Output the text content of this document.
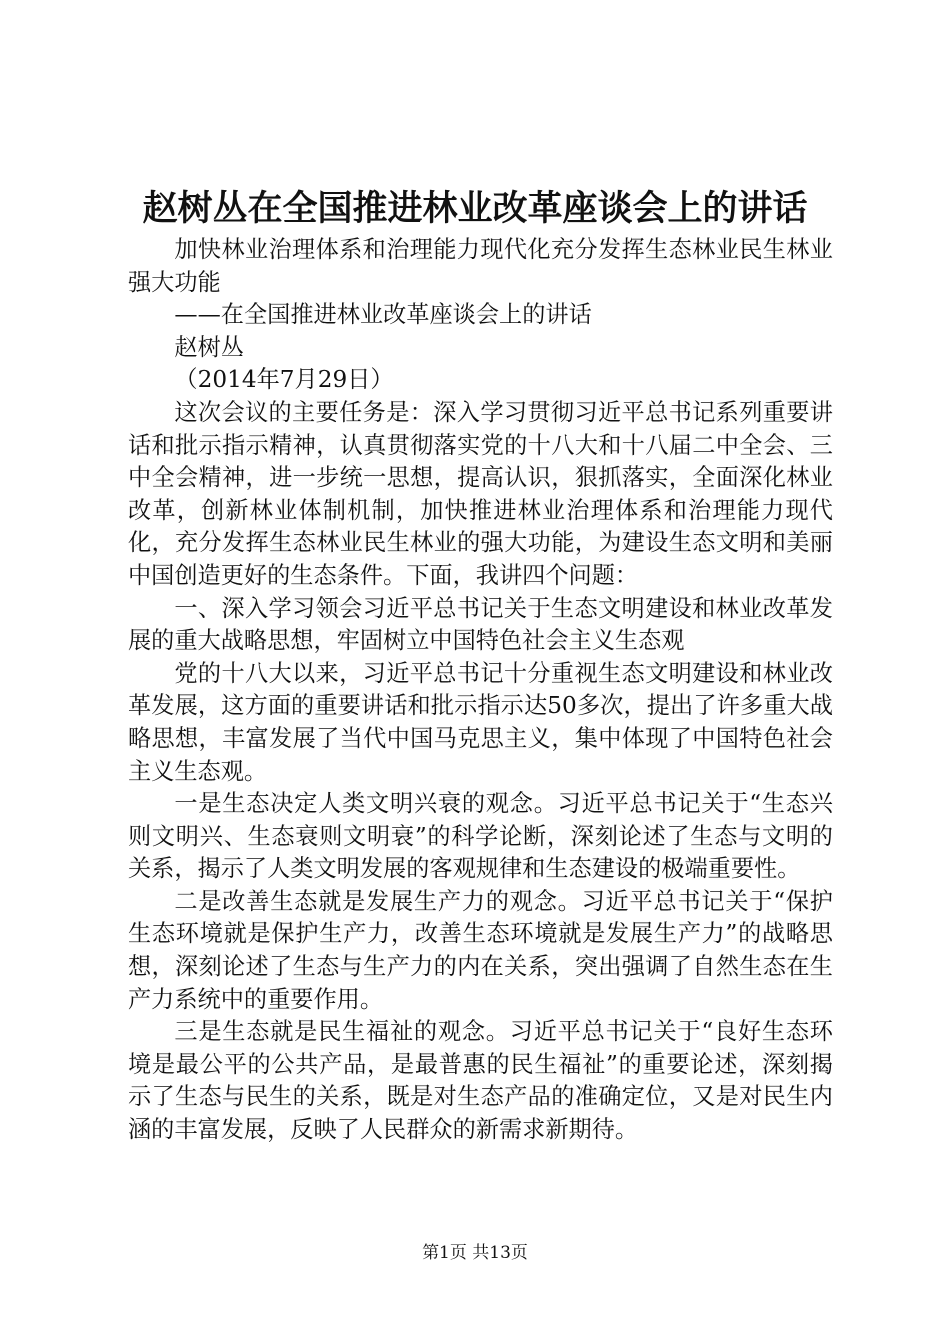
赵树丛在全国推进林业改革座谈会上的讲话

加快林业治理体系和治理能力现代化充分发挥生态林业民生林业强大功能

——在全国推进林业改革座谈会上的讲话

赵树丛

（2014年7月29日）

这次会议的主要任务是：深入学习贯彻习近平总书记系列重要讲话和批示指示精神，认真贯彻落实党的十八大和十八届二中全会、三中全会精神，进一步统一思想，提高认识，狠抓落实，全面深化林业改革，创新林业体制机制，加快推进林业治理体系和治理能力现代化，充分发挥生态林业民生林业的强大功能，为建设生态文明和美丽中国创造更好的生态条件。下面，我讲四个问题：

一、深入学习领会习近平总书记关于生态文明建设和林业改革发展的重大战略思想，牢固树立中国特色社会主义生态观

党的十八大以来，习近平总书记十分重视生态文明建设和林业改革发展，这方面的重要讲话和批示指示达50多次，提出了许多重大战略思想，丰富发展了当代中国马克思主义，集中体现了中国特色社会主义生态观。

一是生态决定人类文明兴衰的观念。习近平总书记关于“生态兴则文明兴、生态衰则文明衰”的科学论断，深刻论述了生态与文明的关系，揭示了人类文明发展的客观规律和生态建设的极端重要性。

二是改善生态就是发展生产力的观念。习近平总书记关于“保护生态环境就是保护生产力，改善生态环境就是发展生产力”的战略思想，深刻论述了生态与生产力的内在关系，突出强调了自然生态在生产力系统中的重要作用。

三是生态就是民生福祉的观念。习近平总书记关于“良好生态环境是最公平的公共产品，是最普惠的民生福祉”的重要论述，深刻揭示了生态与民生的关系，既是对生态产品的准确定位，又是对民生内涵的丰富发展，反映了人民群众的新需求新期待。

第1页 共13页
